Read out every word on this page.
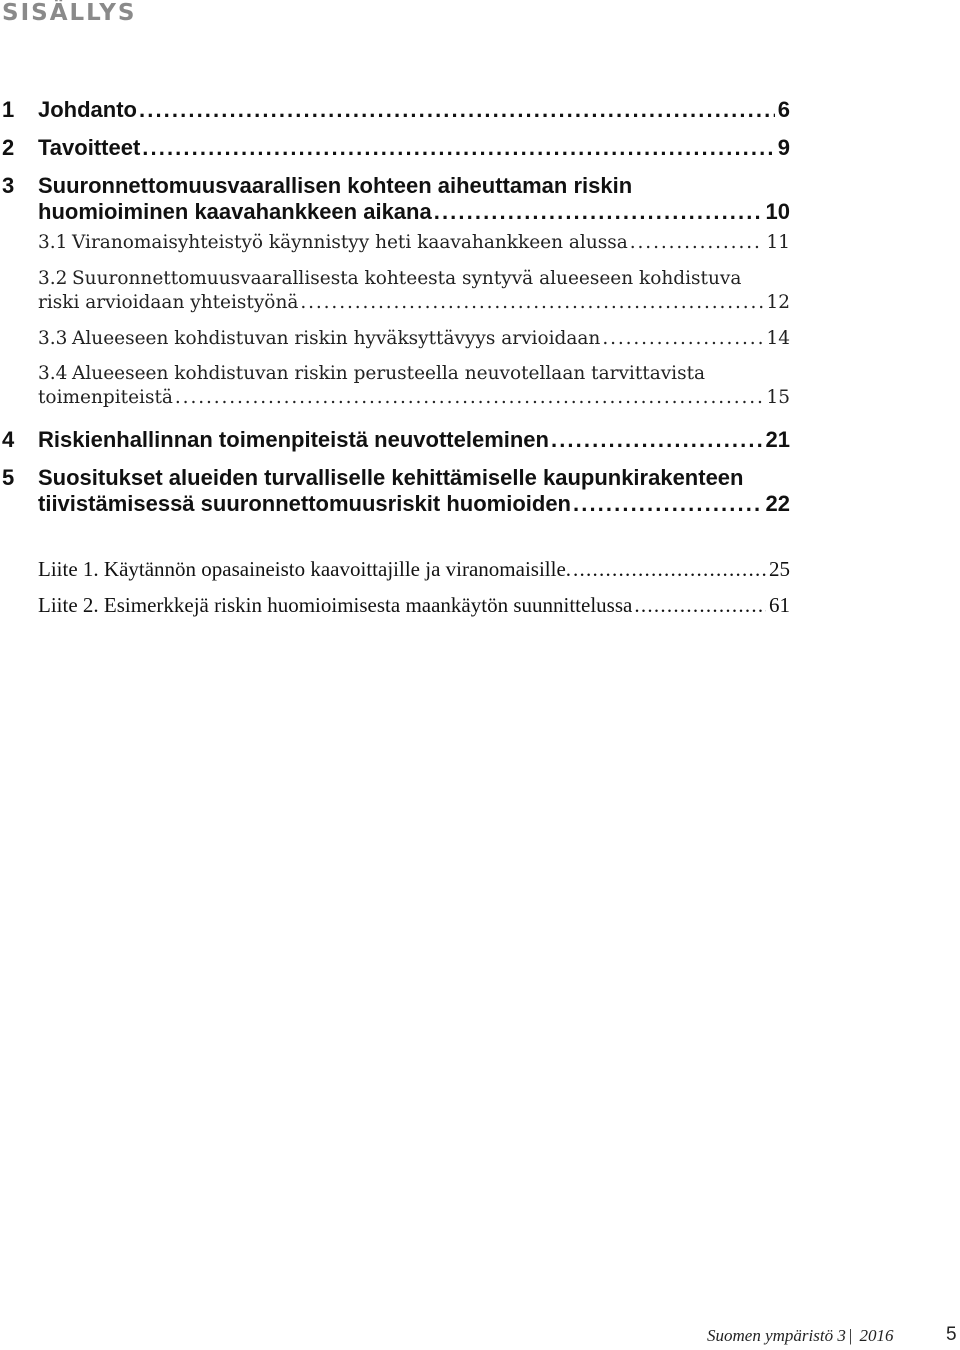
SISÄLLYS
1 Johdanto . . .	6
2 Tavoitteet . . .	9
3 Suuronnettomuusvaarallisen kohteen aiheuttaman riskin
huomioiminen kaavahankkeen aikana . . .	10
3.1 Viranomaisyhteistyö käynnistyy heti kaavahankkeen alussa . . .	11
3.2 Suuronnettomuusvaarallisesta kohteesta syntyvä alueeseen kohdistuva
riski arvioidaan yhteistyönä . . .	12
3.3 Alueeseen kohdistuvan riskin hyväksyttävyys arvioidaan . . .	14
3.4 Alueeseen kohdistuvan riskin perusteella neuvotellaan tarvittavista
toimenpiteistä . . .	15
4 Riskienhallinnan toimenpiteistä neuvotteleminen . . .	21
5 Suositukset alueiden turvalliselle kehittämiselle kaupunkirakenteen
tiivistämisessä suuronnettomuusriskit huomioiden . . .	22
Liite 1. Käytännön opasaineisto kaavoittajille ja viranomaisille. . . .	25
Liite 2. Esimerkkejä riskin huomioimisesta maankäytön suunnittelussa . . .	61
Suomen ympäristö 3 | 2016	5
